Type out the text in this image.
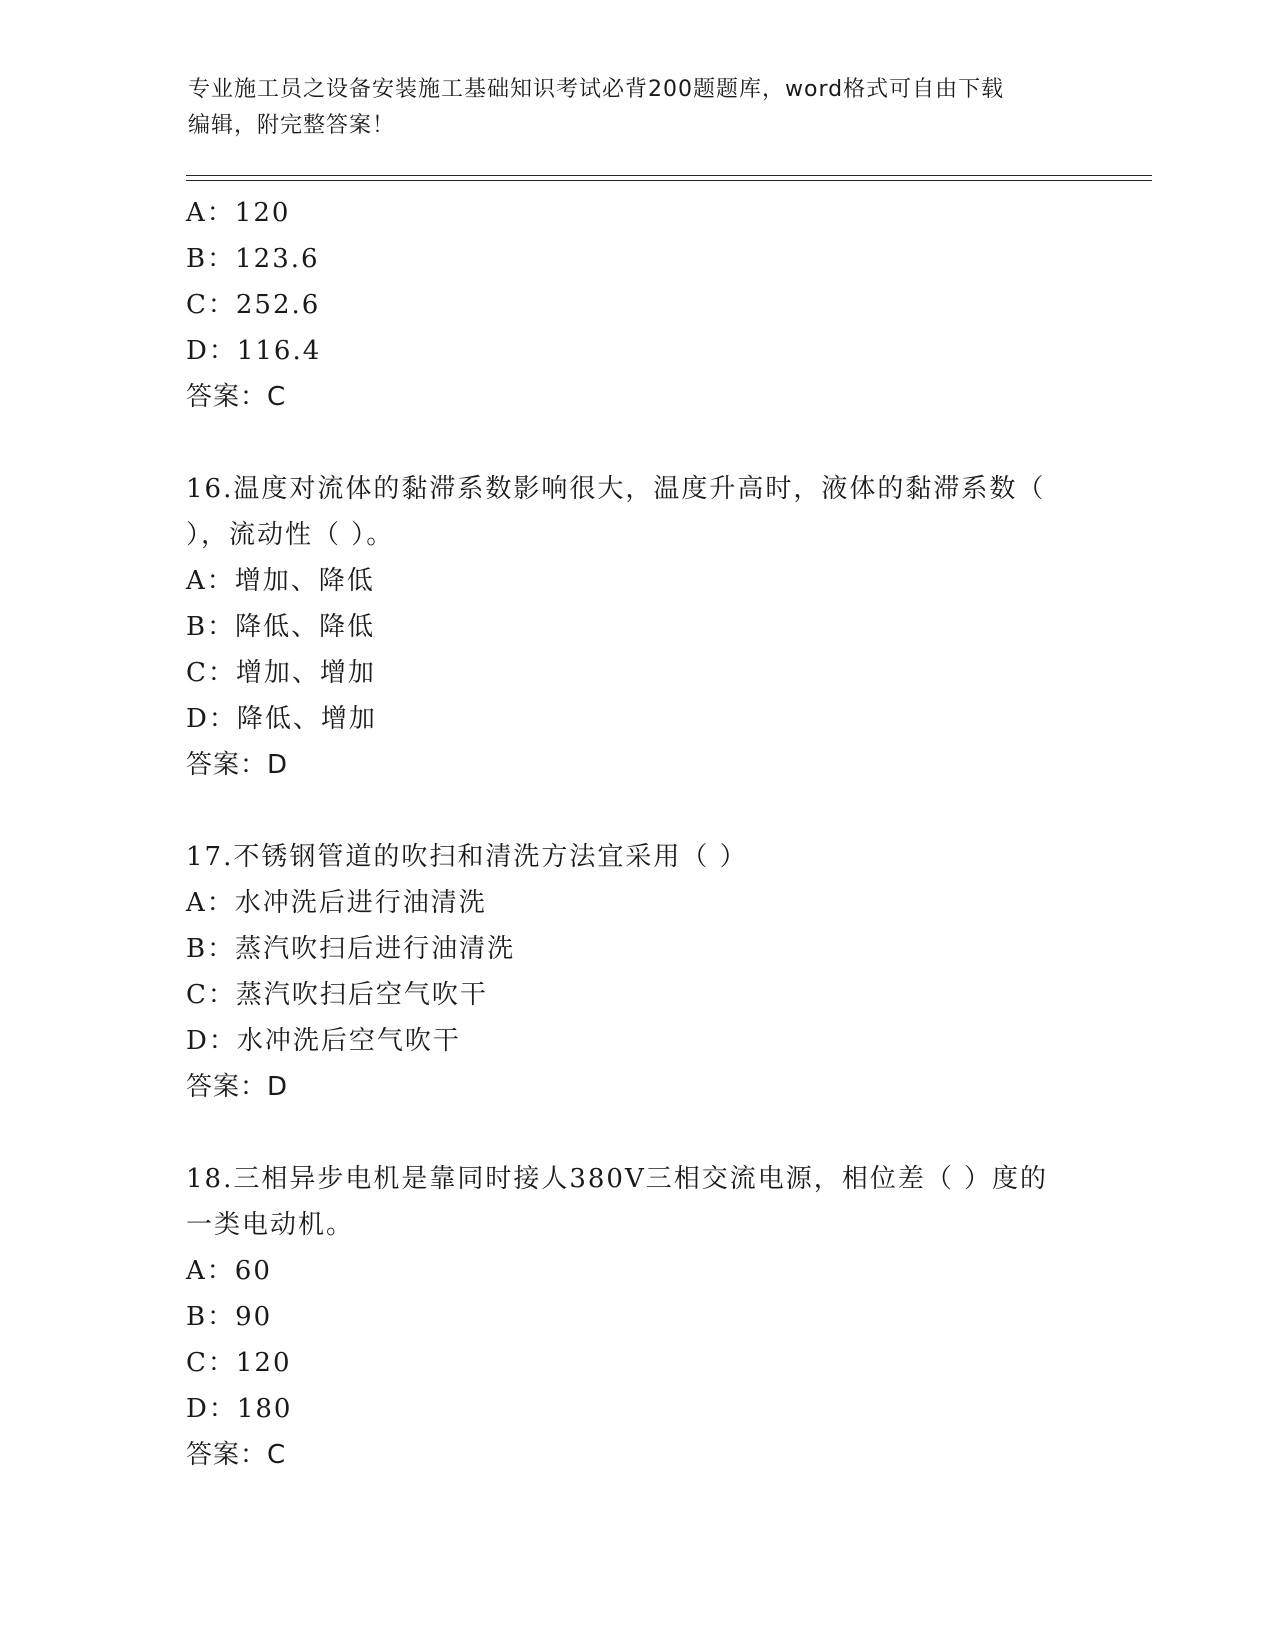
专业施工员之设备安装施工基础知识考试必背200题题库，word格式可自由下载
编辑，附完整答案！
A：120
B：123.6
C：252.6
D：116.4
答案：C
16.温度对流体的黏滞系数影响很大，温度升高时，液体的黏滞系数（
），流动性（ ）。
A：增加、降低
B：降低、降低
C：增加、增加
D：降低、增加
答案：D
17.不锈钢管道的吹扫和清洗方法宜采用（ ）
A：水冲洗后进行油清洗
B：蒸汽吹扫后进行油清洗
C：蒸汽吹扫后空气吹干
D：水冲洗后空气吹干
答案：D
18.三相异步电机是靠同时接人380V三相交流电源，相位差（ ）度的
一类电动机。
A：60
B：90
C：120
D：180
答案：C
